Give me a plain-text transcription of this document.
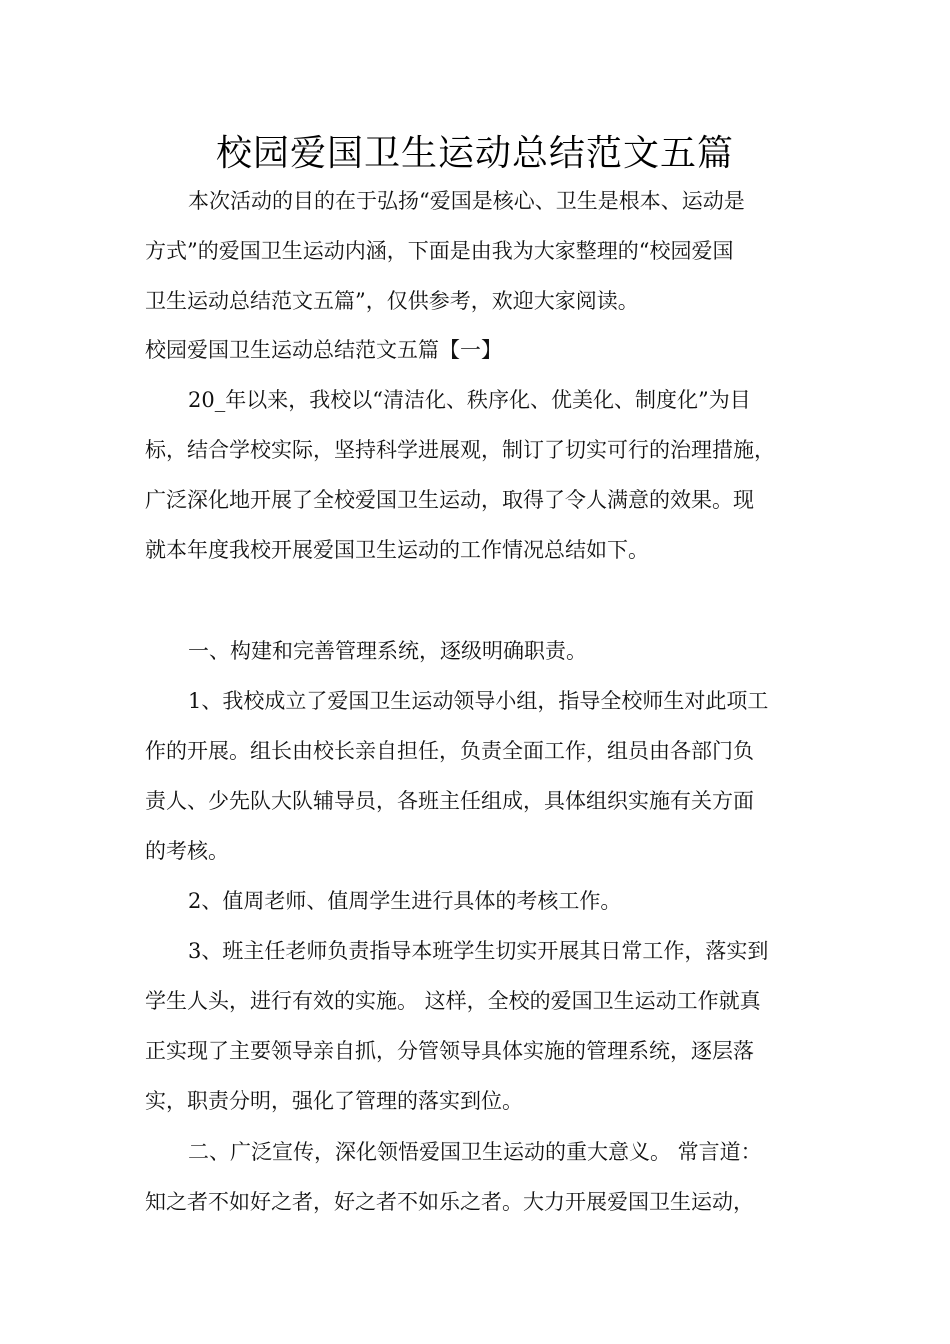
校园爱国卫生运动总结范文五篇
本次活动的目的在于弘扬“爱国是核心、卫生是根本、运动是
方式”的爱国卫生运动内涵，下面是由我为大家整理的“校园爱国
卫生运动总结范文五篇”，仅供参考，欢迎大家阅读。
校园爱国卫生运动总结范文五篇【一】
20_年以来，我校以“清洁化、秩序化、优美化、制度化”为目
标，结合学校实际，坚持科学进展观，制订了切实可行的治理措施，
广泛深化地开展了全校爱国卫生运动，取得了令人满意的效果。现
就本年度我校开展爱国卫生运动的工作情况总结如下。
一、构建和完善管理系统，逐级明确职责。
1、我校成立了爱国卫生运动领导小组，指导全校师生对此项工
作的开展。组长由校长亲自担任，负责全面工作，组员由各部门负
责人、少先队大队辅导员，各班主任组成，具体组织实施有关方面
的考核。
2、值周老师、值周学生进行具体的考核工作。
3、班主任老师负责指导本班学生切实开展其日常工作，落实到
学生人头，进行有效的实施。 这样，全校的爱国卫生运动工作就真
正实现了主要领导亲自抓，分管领导具体实施的管理系统，逐层落
实，职责分明，强化了管理的落实到位。
二、广泛宣传，深化领悟爱国卫生运动的重大意义。 常言道：
知之者不如好之者，好之者不如乐之者。大力开展爱国卫生运动，
